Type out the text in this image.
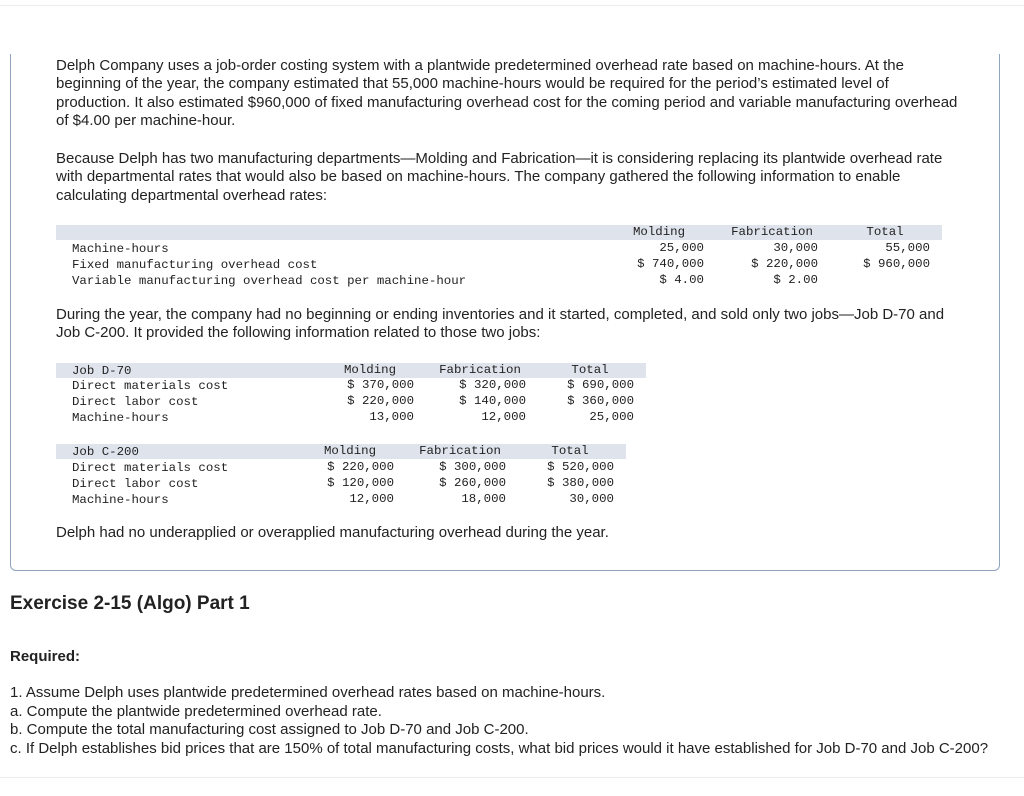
Delph Company uses a job-order costing system with a plantwide predetermined overhead rate based on machine-hours. At the beginning of the year, the company estimated that 55,000 machine-hours would be required for the period’s estimated level of production. It also estimated $960,000 of fixed manufacturing overhead cost for the coming period and variable manufacturing overhead of $4.00 per machine-hour.

Because Delph has two manufacturing departments—Molding and Fabrication—it is considering replacing its plantwide overhead rate with departmental rates that would also be based on machine-hours. The company gathered the following information to enable calculating departmental overhead rates:

Molding	Fabrication	Total
Machine-hours	25,000	30,000	55,000
Fixed manufacturing overhead cost	$ 740,000	$ 220,000	$ 960,000
Variable manufacturing overhead cost per machine-hour	$ 4.00	$ 2.00

During the year, the company had no beginning or ending inventories and it started, completed, and sold only two jobs—Job D-70 and Job C-200. It provided the following information related to those two jobs:

Job D-70	Molding	Fabrication	Total
Direct materials cost	$ 370,000	$ 320,000	$ 690,000
Direct labor cost	$ 220,000	$ 140,000	$ 360,000
Machine-hours	13,000	12,000	25,000
Job C-200	Molding	Fabrication	Total
Direct materials cost	$ 220,000	$ 300,000	$ 520,000
Direct labor cost	$ 120,000	$ 260,000	$ 380,000
Machine-hours	12,000	18,000	30,000

Delph had no underapplied or overapplied manufacturing overhead during the year.

Exercise 2-15 (Algo) Part 1

Required:

1. Assume Delph uses plantwide predetermined overhead rates based on machine-hours.
a. Compute the plantwide predetermined overhead rate.
b. Compute the total manufacturing cost assigned to Job D-70 and Job C-200.
c. If Delph establishes bid prices that are 150% of total manufacturing costs, what bid prices would it have established for Job D-70 and Job C-200?
